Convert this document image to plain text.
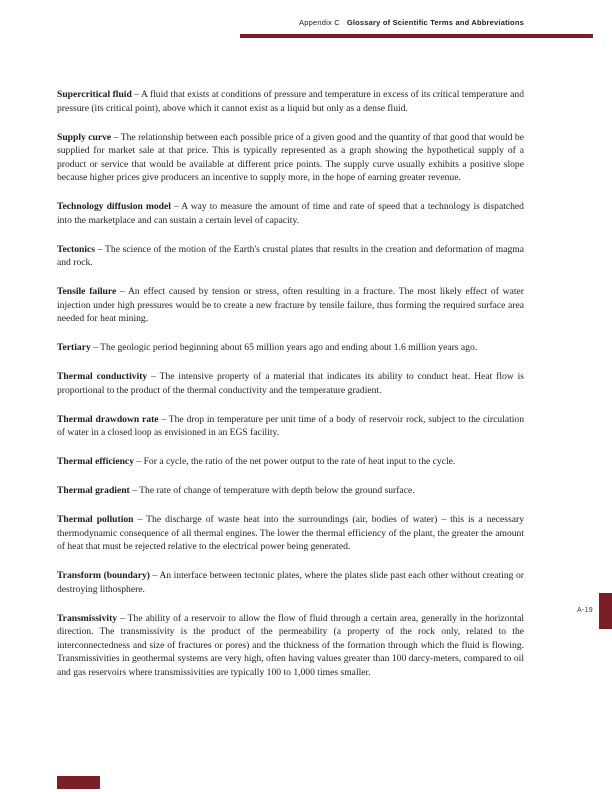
Appendix C Glossary of Scientific Terms and Abbreviations

Supercritical fluid – A fluid that exists at conditions of pressure and temperature in excess of its critical temperature and pressure (its critical point), above which it cannot exist as a liquid but only as a dense fluid.

Supply curve – The relationship between each possible price of a given good and the quantity of that good that would be supplied for market sale at that price. This is typically represented as a graph showing the hypothetical supply of a product or service that would be available at different price points. The supply curve usually exhibits a positive slope because higher prices give producers an incentive to supply more, in the hope of earning greater revenue.

Technology diffusion model – A way to measure the amount of time and rate of speed that a technology is dispatched into the marketplace and can sustain a certain level of capacity.

Tectonics – The science of the motion of the Earth's crustal plates that results in the creation and deformation of magma and rock.

Tensile failure – An effect caused by tension or stress, often resulting in a fracture. The most likely effect of water injection under high pressures would be to create a new fracture by tensile failure, thus forming the required surface area needed for heat mining.

Tertiary – The geologic period beginning about 65 million years ago and ending about 1.6 million years ago.

Thermal conductivity – The intensive property of a material that indicates its ability to conduct heat. Heat flow is proportional to the product of the thermal conductivity and the temperature gradient.

Thermal drawdown rate – The drop in temperature per unit time of a body of reservoir rock, subject to the circulation of water in a closed loop as envisioned in an EGS facility.

Thermal efficiency – For a cycle, the ratio of the net power output to the rate of heat input to the cycle.

Thermal gradient – The rate of change of temperature with depth below the ground surface.

Thermal pollution – The discharge of waste heat into the surroundings (air, bodies of water) – this is a necessary thermodynamic consequence of all thermal engines. The lower the thermal efficiency of the plant, the greater the amount of heat that must be rejected relative to the electrical power being generated.

Transform (boundary) – An interface between tectonic plates, where the plates slide past each other without creating or destroying lithosphere.

Transmissivity – The ability of a reservoir to allow the flow of fluid through a certain area, generally in the horizontal direction. The transmissivity is the product of the permeability (a property of the rock only, related to the interconnectedness and size of fractures or pores) and the thickness of the formation through which the fluid is flowing. Transmissivities in geothermal systems are very high, often having values greater than 100 darcy-meters, compared to oil and gas reservoirs where transmissivities are typically 100 to 1,000 times smaller.

A-19
